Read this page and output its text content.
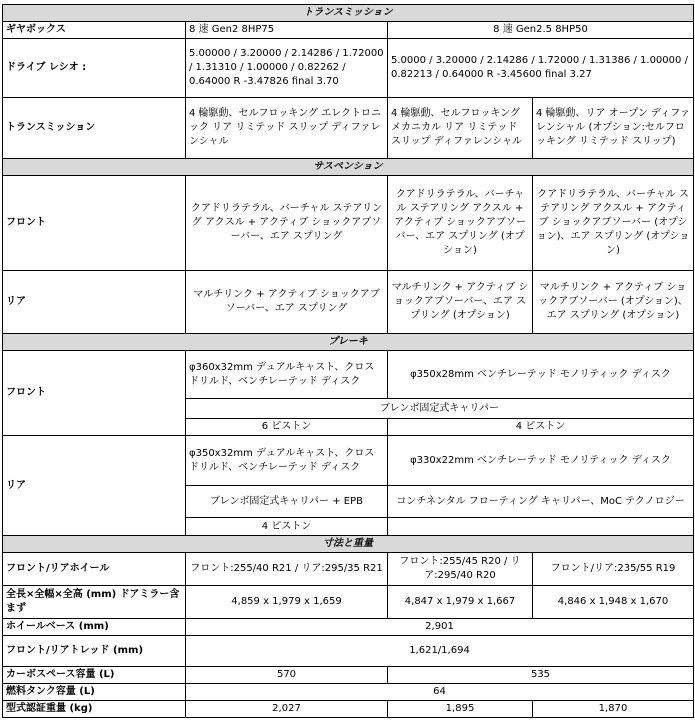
トランスミッション			
ギヤボックス	8 速 Gen2 8HP75	8 速 Gen2.5 8HP50	
ドライブ レシオ :	5.00000 / 3.20000 / 2.14286 / 1.72000 / 1.31310 / 1.00000 / 0.82262 / 0.64000 R -3.47826 final 3.70	5.0000 / 3.20000 / 2.14286 / 1.72000 / 1.31386 / 1.00000 / 0.82213 / 0.64000 R -3.45600 final 3.27	
トランスミッション	4 輪駆動、セルフロッキング エレクトロニック リア リミテッド スリップ ディファレンシャル	4 輪駆動、セルフロッキング メカニカル リア リミテッド スリップ ディファレンシャル	4 輪駆動、リア オープン ディファレンシャル (オプション:セルフロッキング リミテッド スリップ)
サスペンション			
フロント	クアドリラテラル、バーチャル ステアリング アクスル + アクティブ ショックアブソーバー、エア スプリング	クアドリラテラル、バーチャル ステアリング アクスル + アクティブ ショックアブソーバー、エア スプリング (オプション)	クアドリラテラル、バーチャル ステアリング アクスル + アクティブ ショックアブソーバー (オプション)、エア スプリング (オプション)
リア	マルチリンク + アクティブ ショックアブソーバー、エア スプリング	マルチリンク + アクティブ ショックアブソーバー、エア スプリング (オプション)	マルチリンク + アクティブ ショックアブソーバー (オプション)、エア スプリング (オプション)
ブレーキ			
フロント	φ360x32mm デュアルキャスト、クロスドリルド、ベンチレーテッド ディスク	φ350x28mm ベンチレーテッド モノリティック ディスク	
	ブレンボ固定式キャリパー		
	6 ピストン	4 ピストン	
リア	φ350x32mm デュアルキャスト、クロスドリルド、ベンチレーテッド ディスク	φ330x22mm ベンチレーテッド モノリティック ディスク	
	ブレンボ固定式キャリパー + EPB	コンチネンタル フローティング キャリパー、MoC テクノロジー	
	4 ピストン		
寸法と重量			
フロント/リアホイール	フロント:255/40 R21 / リア:295/35 R21	フロント:255/45 R20 / リア:295/40 R20	フロント/リア:235/55 R19
全長×全幅×全高 (mm) ドアミラー含まず	4,859 x 1,979 x 1,659	4,847 x 1,979 x 1,667	4,846 x 1,948 x 1,670
ホイールベース (mm)	2,901		
フロント/リアトレッド (mm)	1,621/1,694		
カーボスペース容量 (L)	570	535	
燃料タンク容量 (L)	64		
型式認証重量 (kg)	2,027	1,895	1,870
